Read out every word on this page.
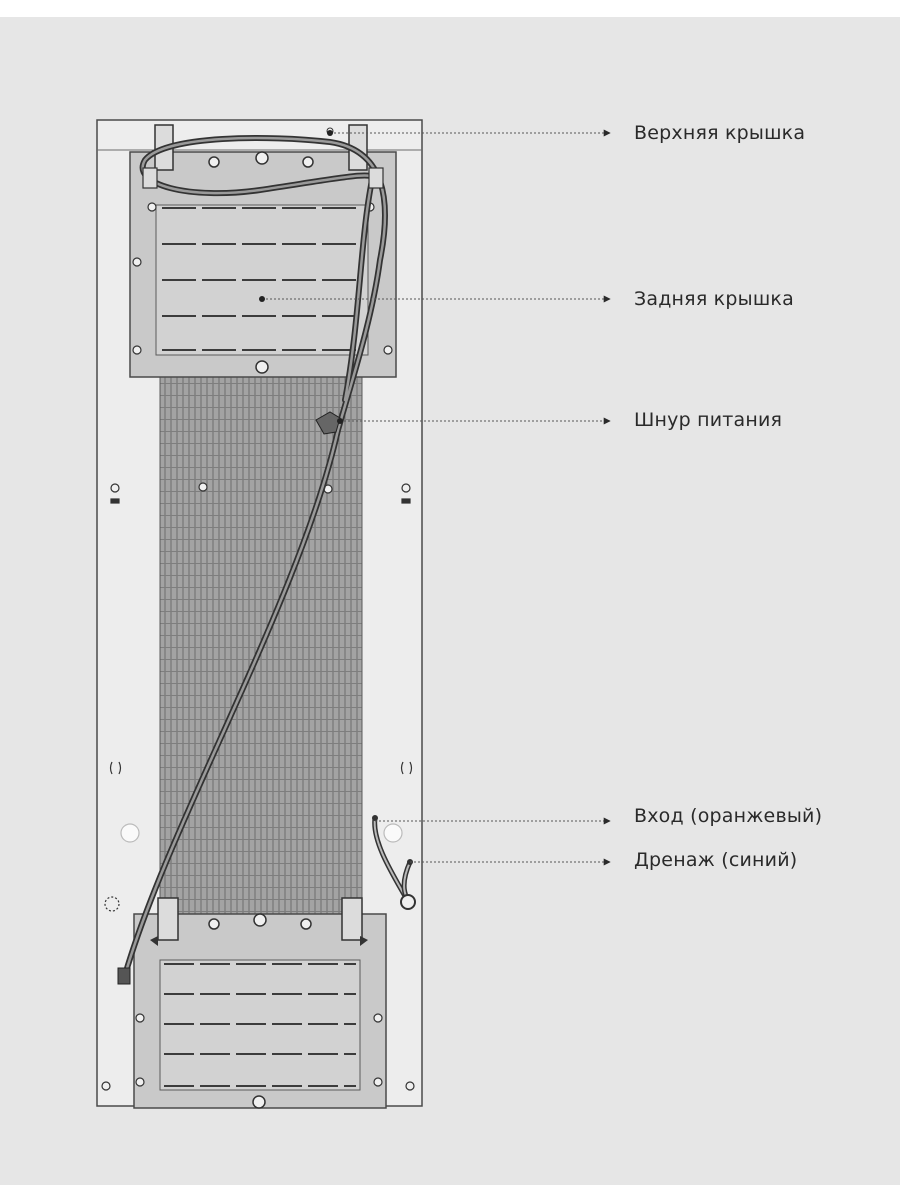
Верхняя крышка
Задняя крышка
Шнур питания
Вход (оранжевый)
Дренаж (синий)
